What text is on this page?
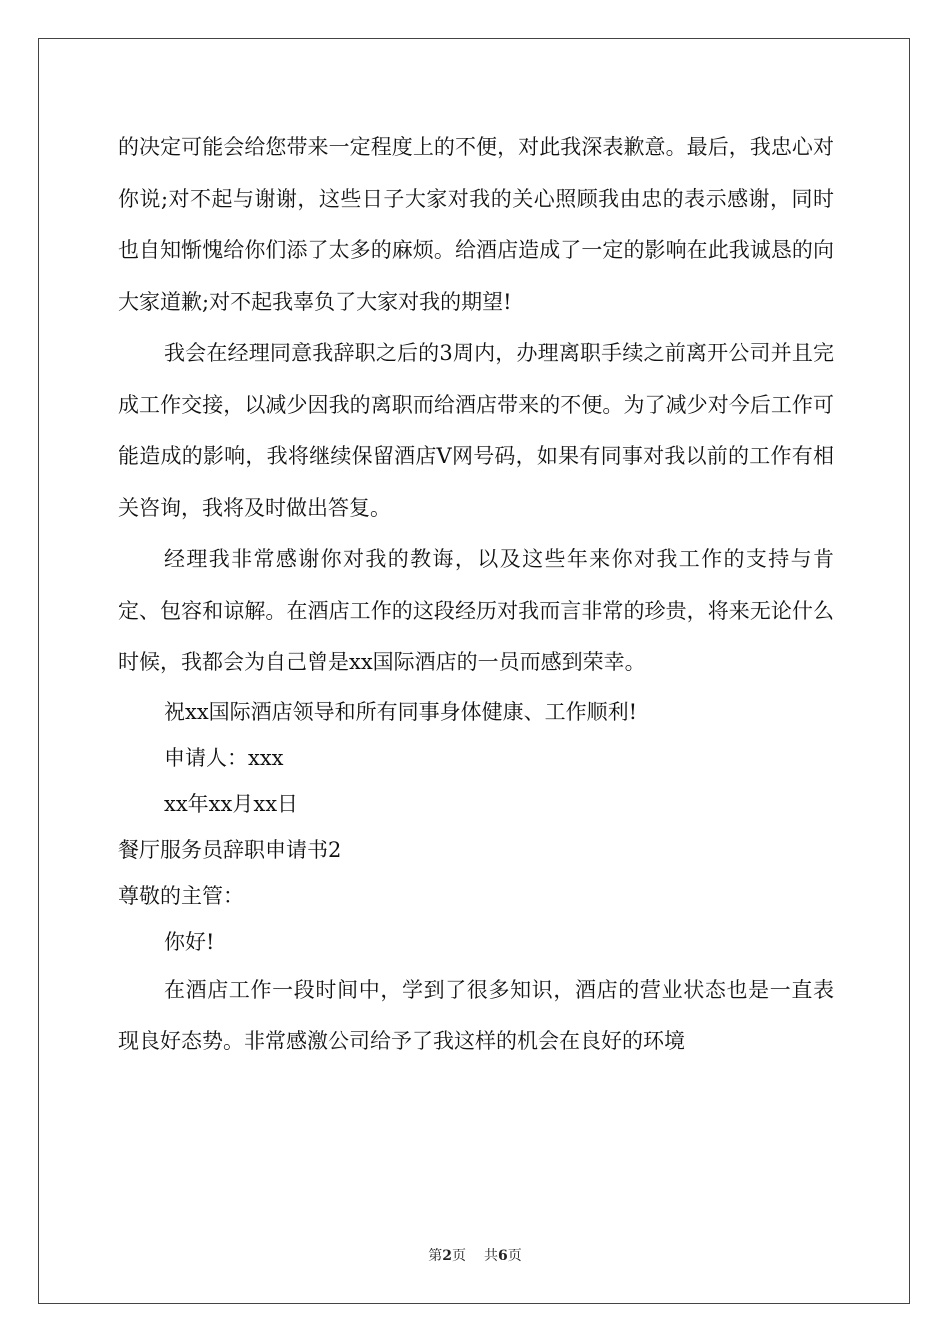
的决定可能会给您带来一定程度上的不便，对此我深表歉意。最后，我忠心对你说;对不起与谢谢，这些日子大家对我的关心照顾我由忠的表示感谢，同时也自知惭愧给你们添了太多的麻烦。给酒店造成了一定的影响在此我诚恳的向大家道歉;对不起我辜负了大家对我的期望!

我会在经理同意我辞职之后的3周内，办理离职手续之前离开公司并且完成工作交接，以减少因我的离职而给酒店带来的不便。为了减少对今后工作可能造成的影响，我将继续保留酒店V网号码，如果有同事对我以前的工作有相关咨询，我将及时做出答复。

经理我非常感谢你对我的教诲，以及这些年来你对我工作的支持与肯定、包容和谅解。在酒店工作的这段经历对我而言非常的珍贵，将来无论什么时候，我都会为自己曾是xx国际酒店的一员而感到荣幸。

祝xx国际酒店领导和所有同事身体健康、工作顺利!

申请人：xxx

xx年xx月xx日

餐厅服务员辞职申请书2

尊敬的主管：

你好!

在酒店工作一段时间中，学到了很多知识，酒店的营业状态也是一直表现良好态势。非常感激公司给予了我这样的机会在良好的环境

第2页 共6页
